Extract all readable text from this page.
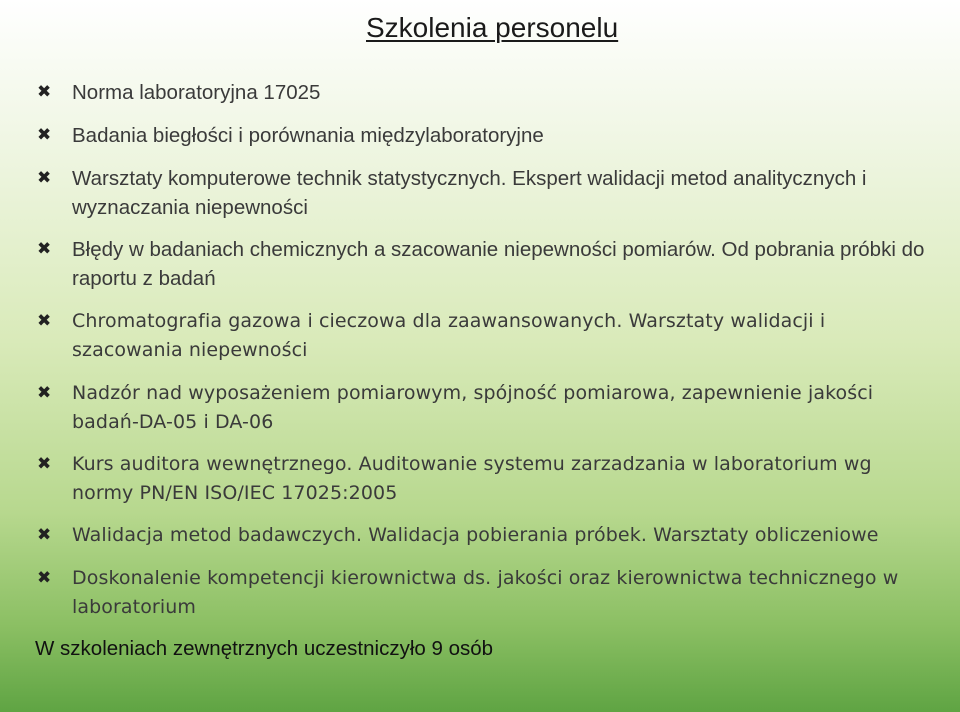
Szkolenia personelu
✖ Norma laboratoryjna 17025
✖ Badania biegłości i porównania międzylaboratoryjne
✖ Warsztaty komputerowe technik statystycznych. Ekspert walidacji metod analitycznych i wyznaczania niepewności
✖ Błędy w badaniach chemicznych a szacowanie niepewności pomiarów. Od pobrania próbki do raportu z badań
✖ Chromatografia gazowa i cieczowa dla zaawansowanych. Warsztaty walidacji i szacowania niepewności
✖ Nadzór nad wyposażeniem pomiarowym, spójność pomiarowa, zapewnienie jakości badań-DA-05 i DA-06
✖ Kurs auditora wewnętrznego. Auditowanie systemu zarzadzania w laboratorium wg normy PN/EN ISO/IEC 17025:2005
✖ Walidacja metod badawczych. Walidacja pobierania próbek. Warsztaty obliczeniowe
✖ Doskonalenie kompetencji kierownictwa ds. jakości oraz kierownictwa technicznego w laboratorium
W szkoleniach zewnętrznych uczestniczyło 9 osób
